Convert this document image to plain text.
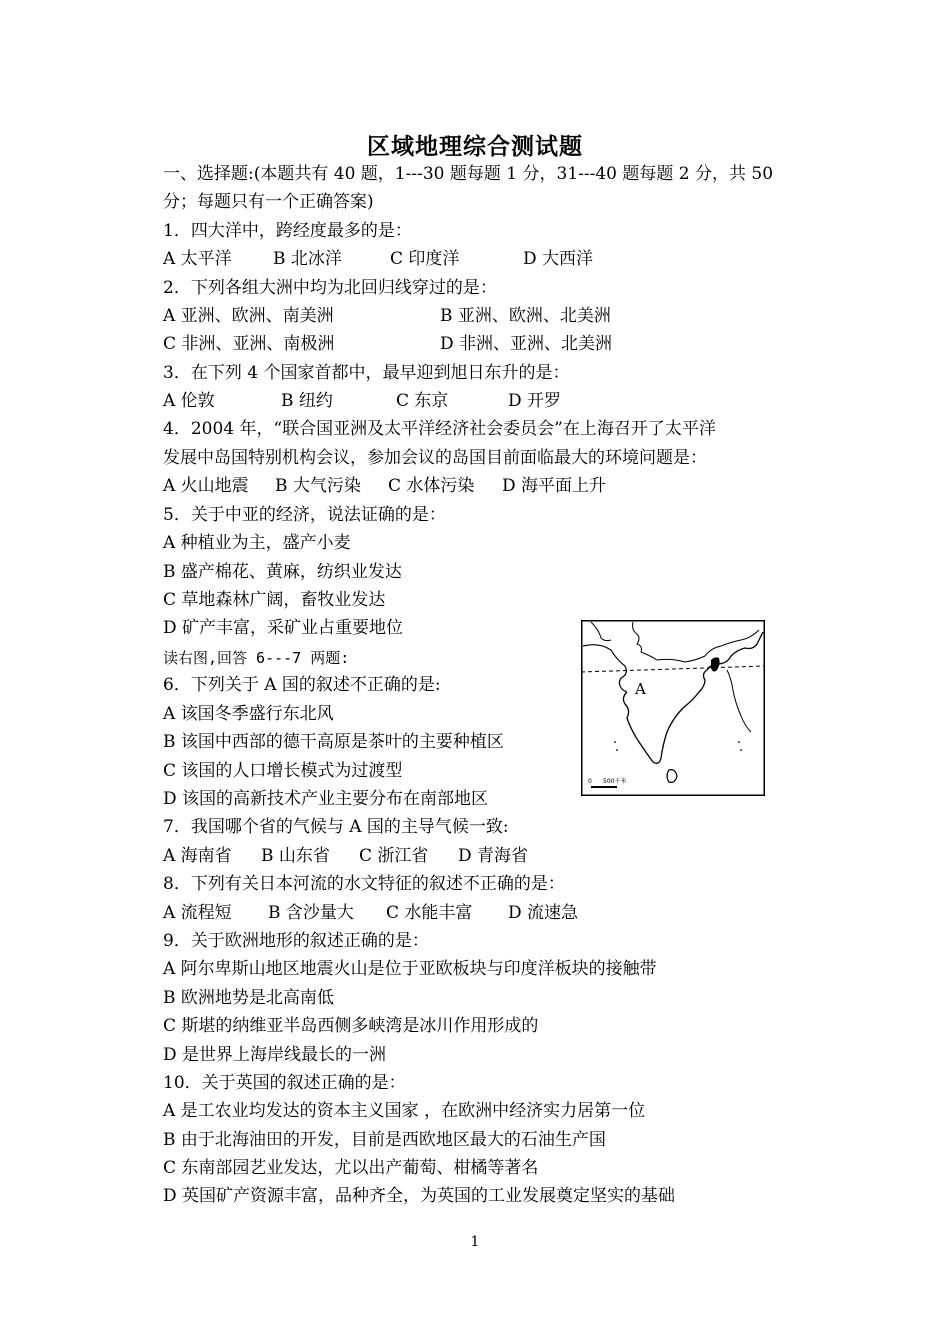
区域地理综合测试题
一、选择题:(本题共有 40 题，1---30 题每题 1 分，31---40 题每题 2 分，共 50
分；每题只有一个正确答案)
1．四大洋中，跨经度最多的是：
A 太平洋 B 北冰洋	C 印度洋	D 大西洋
2．下列各组大洲中均为北回归线穿过的是：
A 亚洲、欧洲、南美洲	B 亚洲、欧洲、北美洲
C 非洲、亚洲、南极洲	D 非洲、亚洲、北美洲
3．在下列 4 个国家首都中，最早迎到旭日东升的是：
A 伦敦	B 纽约	C 东京	D 开罗
4．2004 年，“联合国亚洲及太平洋经济社会委员会”在上海召开了太平洋
发展中岛国特别机构会议，参加会议的岛国目前面临最大的环境问题是：
A 火山地震 B 大气污染 C 水体污染 D 海平面上升
5．关于中亚的经济，说法证确的是：
A 种植业为主，盛产小麦
B 盛产棉花、黄麻，纺织业发达
C 草地森林广阔，畜牧业发达
D 矿产丰富，采矿业占重要地位
读右图,回答 6---7 两题:
6．下列关于 A 国的叙述不正确的是:
A 该国冬季盛行东北风
B 该国中西部的德干高原是茶叶的主要种植区
C 该国的人口增长模式为过渡型
D 该国的高新技术产业主要分布在南部地区
7．我国哪个省的气候与 A 国的主导气候一致:
A 海南省 B 山东省 C 浙江省 D 青海省
8．下列有关日本河流的水文特征的叙述不正确的是：
A 流程短 B 含沙量大 C 水能丰富 D 流速急
9．关于欧洲地形的叙述正确的是：
A 阿尔卑斯山地区地震火山是位于亚欧板块与印度洋板块的接触带
B 欧洲地势是北高南低
C 斯堪的纳维亚半岛西侧多峡湾是冰川作用形成的
D 是世界上海岸线最长的一洲
10．关于英国的叙述正确的是：
A 是工农业均发达的资本主义国家 ，在欧洲中经济实力居第一位
B 由于北海油田的开发，目前是西欧地区最大的石油生产国
C 东南部园艺业发达，尤以出产葡萄、柑橘等著名
D 英国矿产资源丰富，品种齐全，为英国的工业发展奠定坚实的基础
A
0 500千米
1
